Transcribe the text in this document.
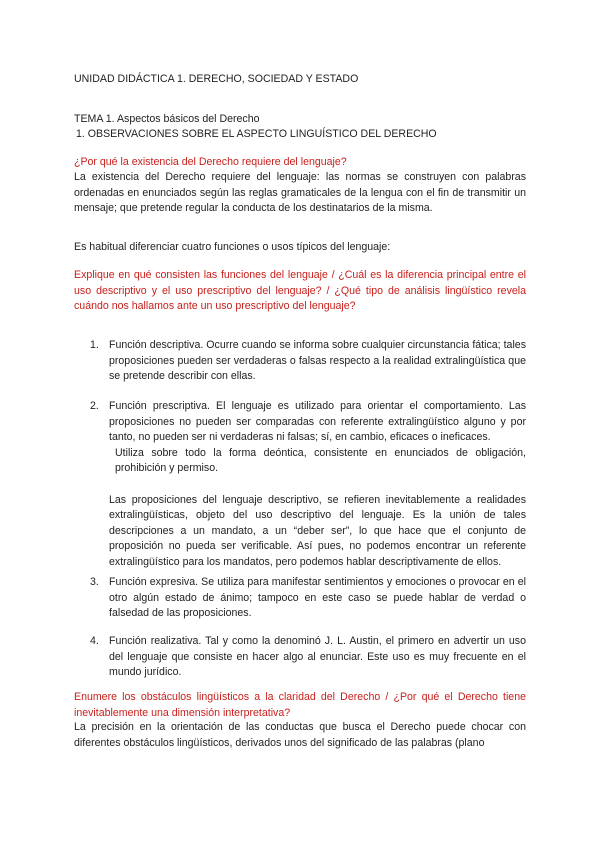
UNIDAD DIDÁCTICA 1. DERECHO, SOCIEDAD Y ESTADO
TEMA 1. Aspectos básicos del Derecho
1. OBSERVACIONES SOBRE EL ASPECTO LINGUÍSTICO DEL DERECHO
¿Por qué la existencia del Derecho requiere del lenguaje?
La existencia del Derecho requiere del lenguaje: las normas se construyen con palabras ordenadas en enunciados según las reglas gramaticales de la lengua con el fin de transmitir un mensaje; que pretende regular la conducta de los destinatarios de la misma.
Es habitual diferenciar cuatro funciones o usos típicos del lenguaje:
Explique en qué consisten las funciones del lenguaje / ¿Cuál es la diferencia principal entre el uso descriptivo y el uso prescriptivo del lenguaje? / ¿Qué tipo de análisis lingüístico revela cuándo nos hallamos ante un uso prescriptivo del lenguaje?
1. Función descriptiva. Ocurre cuando se informa sobre cualquier circunstancia fática; tales proposiciones pueden ser verdaderas o falsas respecto a la realidad extralingüística que se pretende describir con ellas.

2. Función prescriptiva. El lenguaje es utilizado para orientar el comportamiento. Las proposiciones no pueden ser comparadas con referente extralingüístico alguno y por tanto, no pueden ser ni verdaderas ni falsas; sí, en cambio, eficaces o ineficaces.

Utiliza sobre todo la forma deóntica, consistente en enunciados de obligación, prohibición y permiso.

Las proposiciones del lenguaje descriptivo, se refieren inevitablemente a realidades extralingüísticas, objeto del uso descriptivo del lenguaje. Es la unión de tales descripciones a un mandato, a un “deber ser”, lo que hace que el conjunto de proposición no pueda ser verificable. Así pues, no podemos encontrar un referente extralingüístico para los mandatos, pero podemos hablar descriptivamente de ellos.

3. Función expresiva. Se utiliza para manifestar sentimientos y emociones o provocar en el otro algún estado de ánimo; tampoco en este caso se puede hablar de verdad o falsedad de las proposiciones.

4. Función realizativa. Tal y como la denominó J. L. Austin, el primero en advertir un uso del lenguaje que consiste en hacer algo al enunciar. Este uso es muy frecuente en el mundo jurídico.

Enumere los obstáculos lingüísticos a la claridad del Derecho / ¿Por qué el Derecho tiene inevitablemente una dimensión interpretativa?
La precisión en la orientación de las conductas que busca el Derecho puede chocar con diferentes obstáculos lingüísticos, derivados unos del significado de las palabras (plano
